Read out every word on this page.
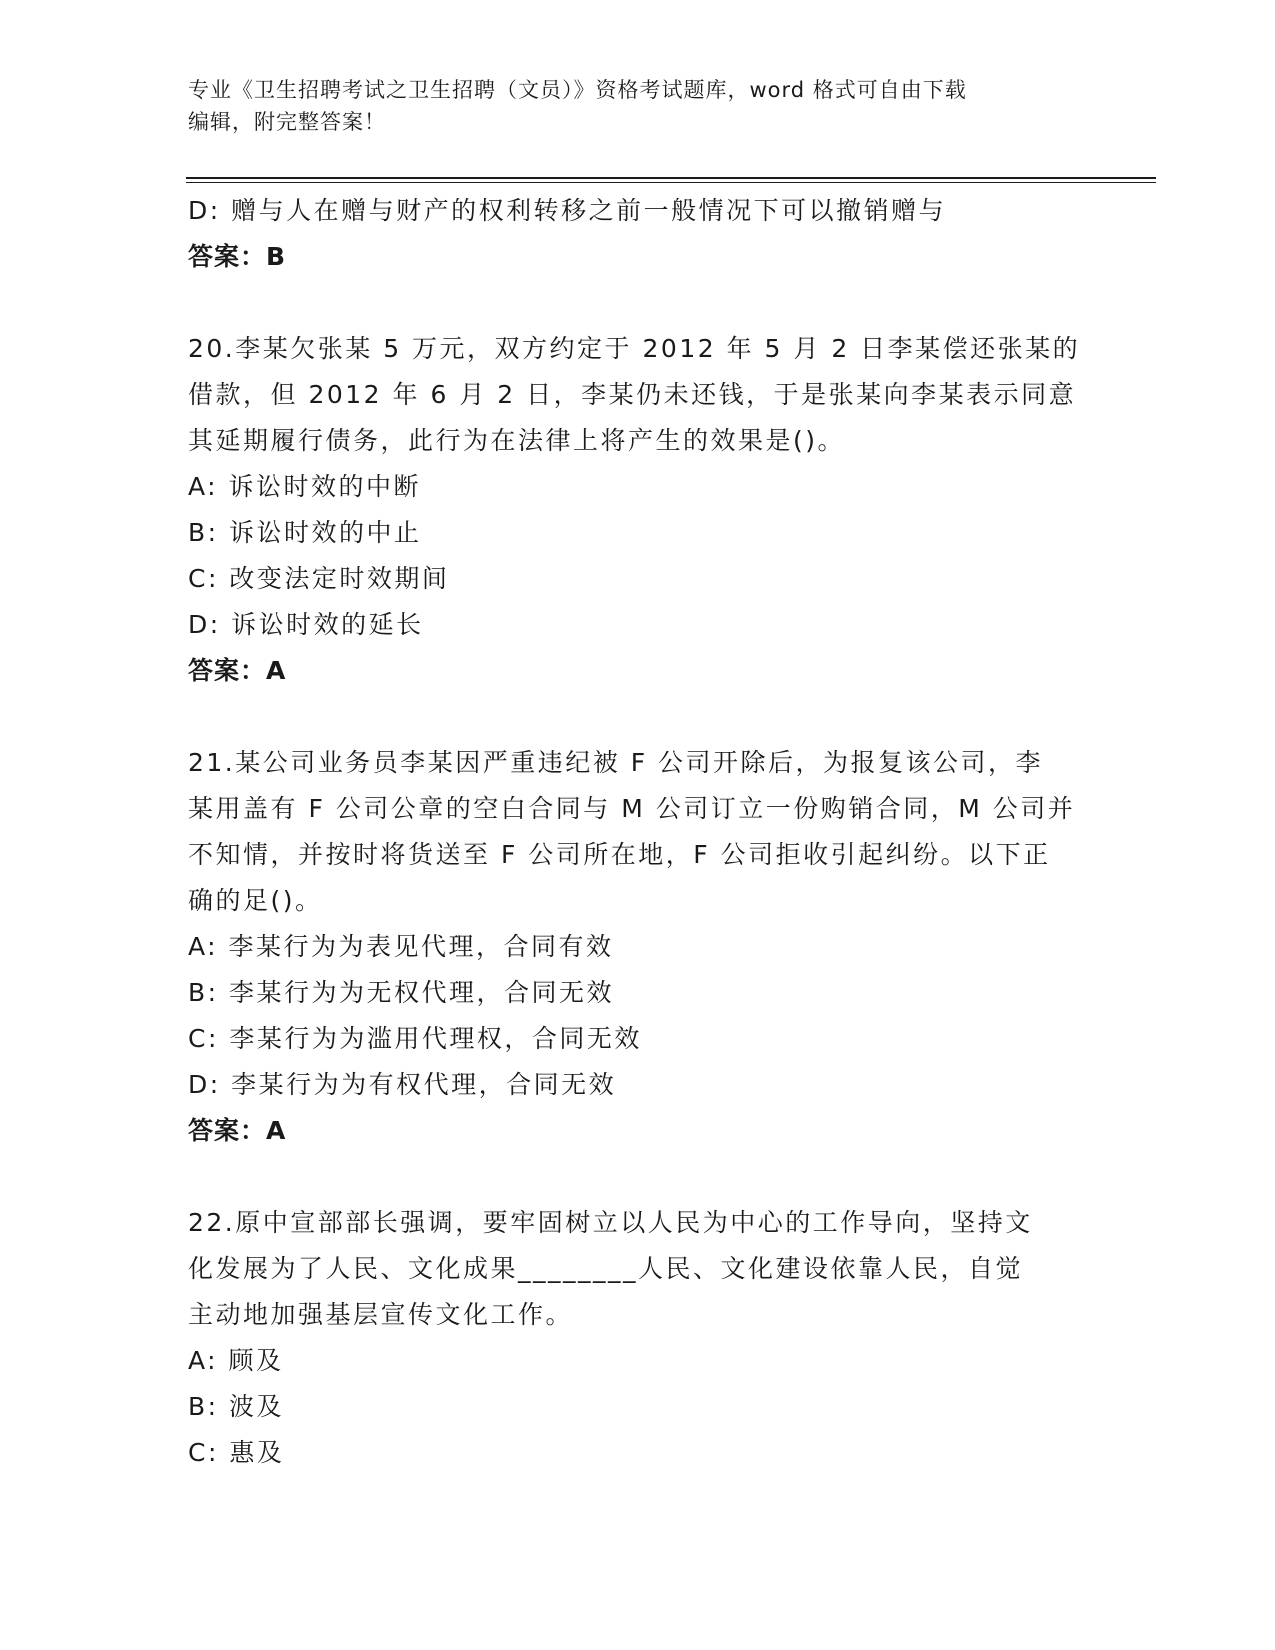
专业《卫生招聘考试之卫生招聘（文员）》资格考试题库，word 格式可自由下载
编辑，附完整答案！
D: 赠与人在赠与财产的权利转移之前一般情况下可以撤销赠与
答案：B
20.李某欠张某 5 万元，双方约定于 2012 年 5 月 2 日李某偿还张某的
借款，但 2012 年 6 月 2 日，李某仍未还钱，于是张某向李某表示同意
其延期履行债务，此行为在法律上将产生的效果是()。
A: 诉讼时效的中断
B: 诉讼时效的中止
C: 改变法定时效期间
D: 诉讼时效的延长
答案：A
21.某公司业务员李某因严重违纪被 F 公司开除后，为报复该公司，李
某用盖有 F 公司公章的空白合同与 M 公司订立一份购销合同，M 公司并
不知情，并按时将货送至 F 公司所在地，F 公司拒收引起纠纷。以下正
确的足()。
A: 李某行为为表见代理，合同有效
B: 李某行为为无权代理，合同无效
C: 李某行为为滥用代理权，合同无效
D: 李某行为为有权代理，合同无效
答案：A
22.原中宣部部长强调，要牢固树立以人民为中心的工作导向，坚持文
化发展为了人民、文化成果________人民、文化建设依靠人民，自觉
主动地加强基层宣传文化工作。
A: 顾及
B: 波及
C: 惠及
